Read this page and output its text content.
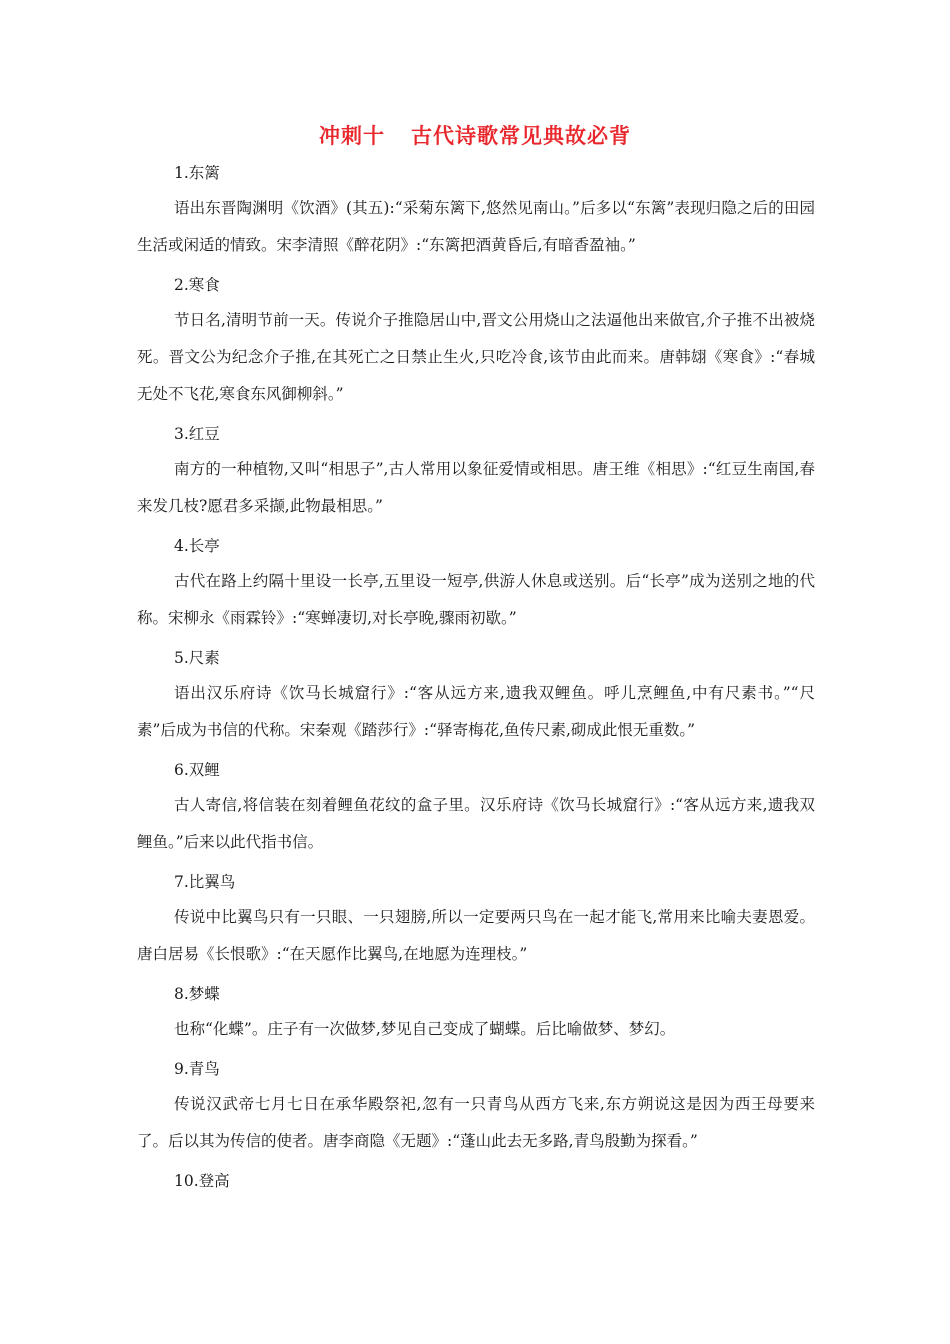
冲刺十 古代诗歌常见典故必背
1.东篱
语出东晋陶渊明《饮酒》(其五):“采菊东篱下,悠然见南山。”后多以“东篱”表现归隐之后的田园生活或闲适的情致。宋李清照《醉花阴》:“东篱把酒黄昏后,有暗香盈袖。”
2.寒食
节日名,清明节前一天。传说介子推隐居山中,晋文公用烧山之法逼他出来做官,介子推不出被烧死。晋文公为纪念介子推,在其死亡之日禁止生火,只吃冷食,该节由此而来。唐韩翃《寒食》:“春城无处不飞花,寒食东风御柳斜。”
3.红豆
南方的一种植物,又叫“相思子”,古人常用以象征爱情或相思。唐王维《相思》:“红豆生南国,春来发几枝?愿君多采撷,此物最相思。”
4.长亭
古代在路上约隔十里设一长亭,五里设一短亭,供游人休息或送别。后“长亭”成为送别之地的代称。宋柳永《雨霖铃》:“寒蝉凄切,对长亭晚,骤雨初歇。”
5.尺素
语出汉乐府诗《饮马长城窟行》:“客从远方来,遗我双鲤鱼。呼儿烹鲤鱼,中有尺素书。”“尺素”后成为书信的代称。宋秦观《踏莎行》:“驿寄梅花,鱼传尺素,砌成此恨无重数。”
6.双鲤
古人寄信,将信装在刻着鲤鱼花纹的盒子里。汉乐府诗《饮马长城窟行》:“客从远方来,遗我双鲤鱼。”后来以此代指书信。
7.比翼鸟
传说中比翼鸟只有一只眼、一只翅膀,所以一定要两只鸟在一起才能飞,常用来比喻夫妻恩爱。唐白居易《长恨歌》:“在天愿作比翼鸟,在地愿为连理枝。”
8.梦蝶
也称“化蝶”。庄子有一次做梦,梦见自己变成了蝴蝶。后比喻做梦、梦幻。
9.青鸟
传说汉武帝七月七日在承华殿祭祀,忽有一只青鸟从西方飞来,东方朔说这是因为西王母要来了。后以其为传信的使者。唐李商隐《无题》:“蓬山此去无多路,青鸟殷勤为探看。”
10.登高
